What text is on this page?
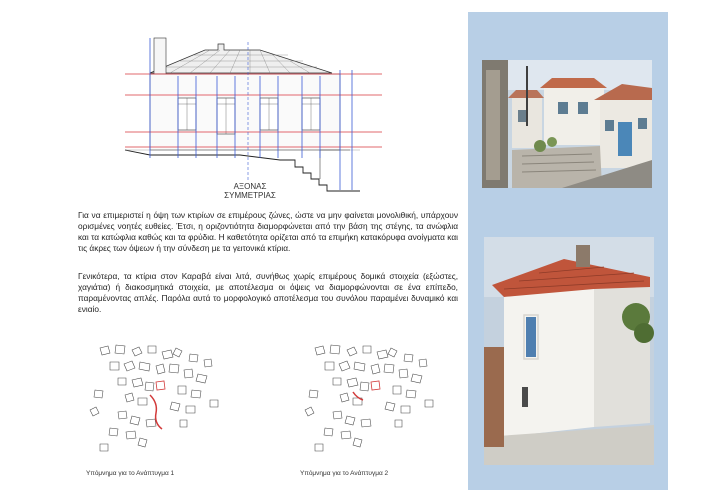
ΑΞΟΝΑΣ
ΣΥΜΜΕΤΡΙΑΣ
Για να επιμεριστεί η όψη των κτιρίων σε επιμέρους ζώνες, ώστε να μην φαίνεται μονολιθική, υπάρχουν ορισμένες νοητές ευθείες. Έτσι, η οριζοντιότητα διαμορφώνεται από την βάση της στέγης, τα ανώφλια και τα κατώφλια καθώς και τα φρύδια. Η καθετότητα ορίζεται από τα επιμήκη κατακόρυφα ανοίγματα και τις άκρες των όψεων ή την σύνδεση με τα γειτονικά κτίρια.
Γενικότερα, τα κτίρια στον Καραβά είναι λιτά, συνήθως χωρίς επιμέρους δομικά στοιχεία (εξώστες, χαγιάτια) ή διακοσμητικά στοιχεία, με αποτέλεσμα οι όψεις να διαμορφώνονται σε ένα επίπεδο, παραμένοντας απλές. Παρόλα αυτά το μορφολογικό αποτέλεσμα του συνόλου παραμένει δυναμικό και ενιαίο.
Υπόμνημα για το Ανάπτυγμα 1	Υπόμνημα για το Ανάπτυγμα 2
